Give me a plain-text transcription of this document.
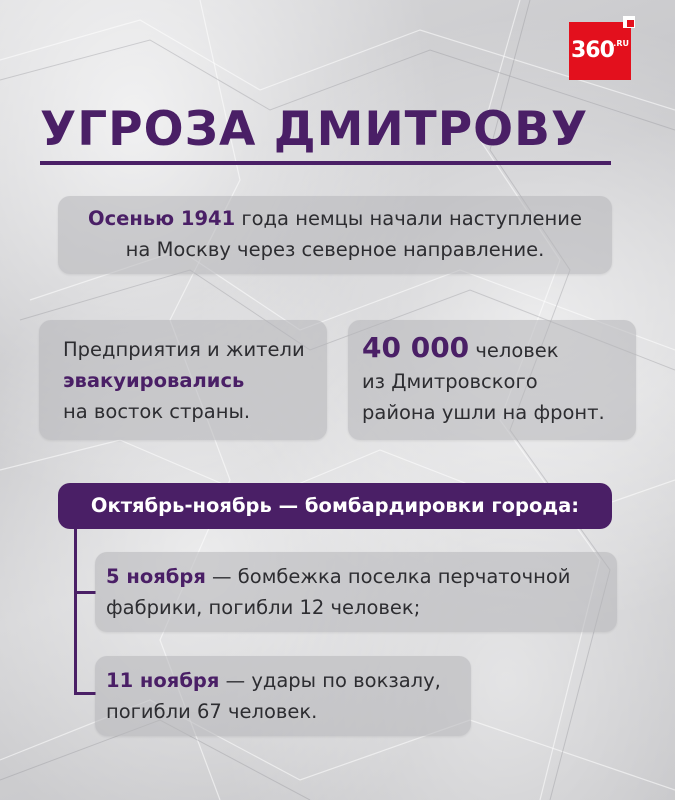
360 .RU
УГРОЗА ДМИТРОВУ
Осенью 1941 года немцы начали наступление
на Москву через северное направление.
Предприятия и жители
эвакуировались
на восток страны.
40 000 человек
из Дмитровского
района ушли на фронт.
Октябрь-ноябрь — бомбардировки города:
5 ноября — бомбежка поселка перчаточной
фабрики, погибли 12 человек;
11 ноября — удары по вокзалу,
погибли 67 человек.
